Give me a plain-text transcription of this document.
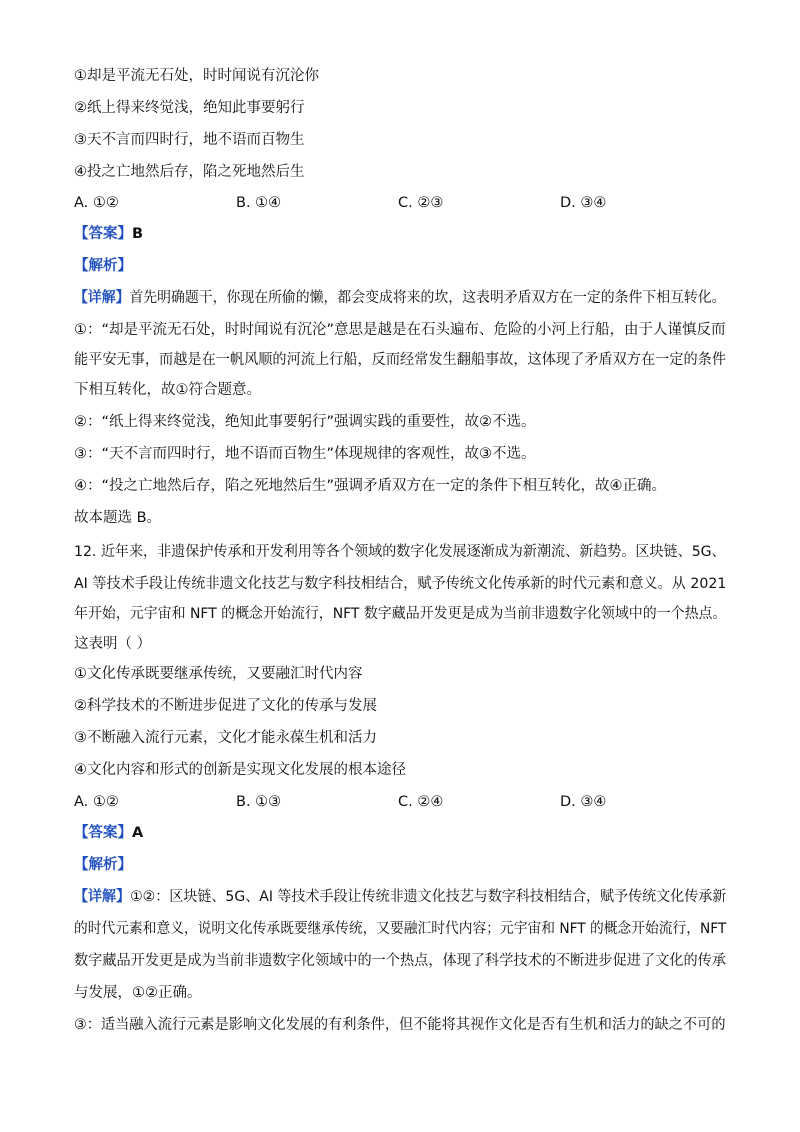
①却是平流无石处，时时闻说有沉沦你
②纸上得来终觉浅，绝知此事要躬行
③天不言而四时行，地不语而百物生
④投之亡地然后存，陷之死地然后生
A. ①②	B. ①④	C. ②③	D. ③④
【答案】B
【解析】
【详解】首先明确题干，你现在所偷的懒，都会变成将来的坎，这表明矛盾双方在一定的条件下相互转化。
①：“却是平流无石处，时时闻说有沉沦”意思是越是在石头遍布、危险的小河上行船，由于人谨慎反而
能平安无事，而越是在一帆风顺的河流上行船，反而经常发生翻船事故，这体现了矛盾双方在一定的条件
下相互转化，故①符合题意。
②：“纸上得来终觉浅，绝知此事要躬行”强调实践的重要性，故②不选。
③：“天不言而四时行，地不语而百物生”体现规律的客观性，故③不选。
④：“投之亡地然后存，陷之死地然后生”强调矛盾双方在一定的条件下相互转化，故④正确。
故本题选 B。
12. 近年来，非遗保护传承和开发利用等各个领域的数字化发展逐渐成为新潮流、新趋势。区块链、5G、
AI 等技术手段让传统非遗文化技艺与数字科技相结合，赋予传统文化传承新的时代元素和意义。从 2021
年开始，元宇宙和 NFT 的概念开始流行，NFT 数字藏品开发更是成为当前非遗数字化领域中的一个热点。
这表明（ ）
①文化传承既要继承传统，又要融汇时代内容
②科学技术的不断进步促进了文化的传承与发展
③不断融入流行元素，文化才能永葆生机和活力
④文化内容和形式的创新是实现文化发展的根本途径
A. ①②	B. ①③	C. ②④	D. ③④
【答案】A
【解析】
【详解】①②：区块链、5G、AI 等技术手段让传统非遗文化技艺与数字科技相结合，赋予传统文化传承新
的时代元素和意义，说明文化传承既要继承传统，又要融汇时代内容；元宇宙和 NFT 的概念开始流行，NFT
数字藏品开发更是成为当前非遗数字化领域中的一个热点，体现了科学技术的不断进步促进了文化的传承
与发展，①②正确。
③：适当融入流行元素是影响文化发展的有利条件，但不能将其视作文化是否有生机和活力的缺之不可的
